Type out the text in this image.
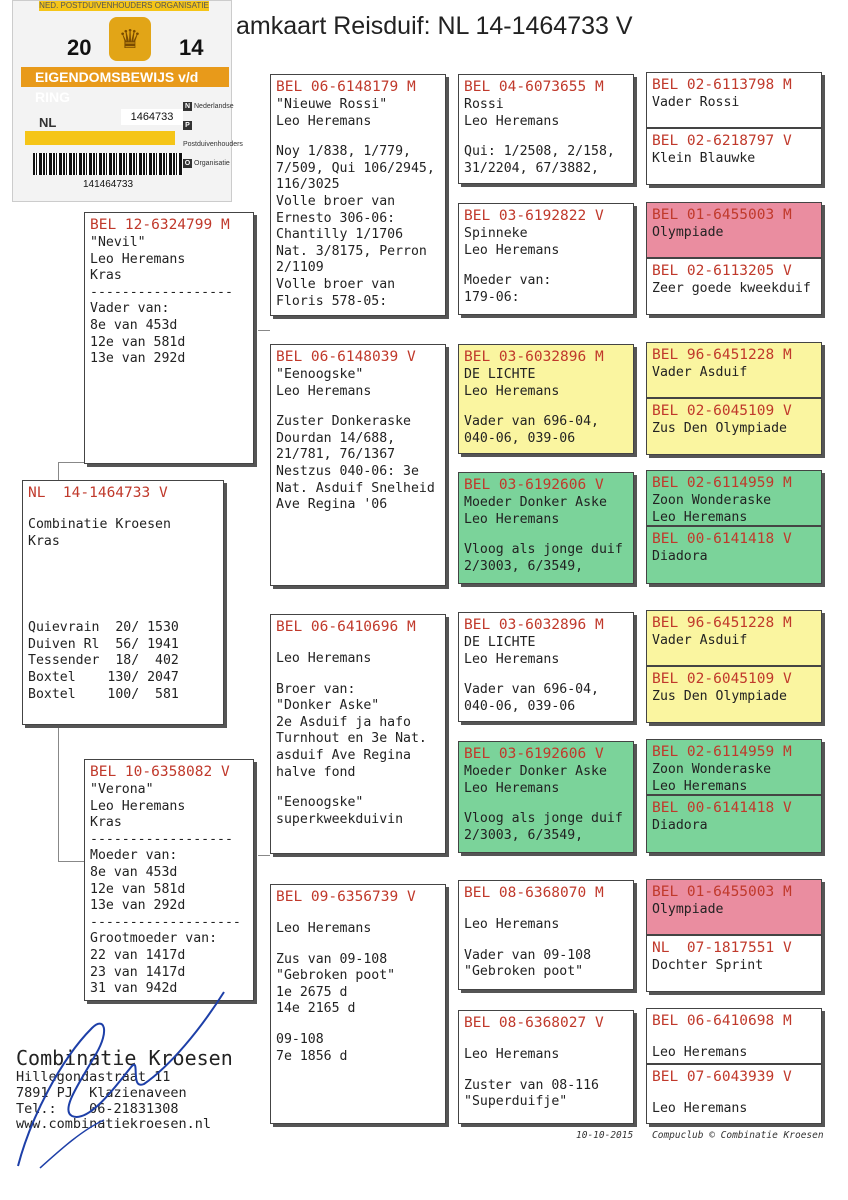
NED. POSTDUIVENHOUDERS ORGANISATIE
20	♛	14
EIGENDOMSBEWIJS v/d RING
N Nederlandse
PPostduivenhouders
O Organisatie
NL	1464733
141464733
amkaart Reisduif: NL 14-1464733 V
BEL 12-6324799 M
"Nevil"
Leo Heremans
Kras
------------------
Vader van:
8e van 453d
12e van 581d
13e van 292d
NL  14-1464733 V
Combinatie Kroesen
Kras
Quievrain  20/ 1530
Duiven Rl  56/ 1941
Tessender  18/  402
Boxtel    130/ 2047
Boxtel    100/  581
BEL 10-6358082 V
"Verona"
Leo Heremans
Kras
------------------
Moeder van:
8e van 453d
12e van 581d
13e van 292d
-------------------
Grootmoeder van:
22 van 1417d
23 van 1417d
31 van 942d
BEL 06-6148179 M
"Nieuwe Rossi"
Leo Heremans
Noy 1/838, 1/779,
7/509, Qui 106/2945,
116/3025
Volle broer van
Ernesto 306-06:
Chantilly 1/1706
Nat. 3/8175, Perron
2/1109
Volle broer van
Floris 578-05:
BEL 06-6148039 V
"Eenoogske"
Leo Heremans
Zuster Donkeraske
Dourdan 14/688,
21/781, 76/1367
Nestzus 040-06: 3e
Nat. Asduif Snelheid
Ave Regina '06
BEL 06-6410696 M
Leo Heremans
Broer van:
"Donker Aske"
2e Asduif ja hafo
Turnhout en 3e Nat.
asduif Ave Regina
halve fond
"Eenoogske"
superkweekduivin
BEL 09-6356739 V
Leo Heremans
Zus van 09-108
"Gebroken poot"
1e 2675 d
14e 2165 d
09-108
7e 1856 d
BEL 04-6073655 M
Rossi
Leo Heremans
Qui: 1/2508, 2/158,
31/2204, 67/3882,
BEL 03-6192822 V
Spinneke
Leo Heremans
Moeder van:
179-06:
BEL 03-6032896 M
DE LICHTE
Leo Heremans
Vader van 696-04,
040-06, 039-06
BEL 03-6192606 V
Moeder Donker Aske
Leo Heremans
Vloog als jonge duif
2/3003, 6/3549,
BEL 03-6032896 M
DE LICHTE
Leo Heremans
Vader van 696-04,
040-06, 039-06
BEL 03-6192606 V
Moeder Donker Aske
Leo Heremans
Vloog als jonge duif
2/3003, 6/3549,
BEL 08-6368070 M
Leo Heremans
Vader van 09-108
"Gebroken poot"
BEL 08-6368027 V
Leo Heremans
Zuster van 08-116
"Superduifje"
BEL 02-6113798 M
Vader Rossi
BEL 02-6218797 V
Klein Blauwke
BEL 01-6455003 M
Olympiade
BEL 02-6113205 V
Zeer goede kweekduif
BEL 96-6451228 M
Vader Asduif
BEL 02-6045109 V
Zus Den Olympiade
BEL 02-6114959 M
Zoon Wonderaske
Leo Heremans
BEL 00-6141418 V
Diadora
BEL 96-6451228 M
Vader Asduif
BEL 02-6045109 V
Zus Den Olympiade
BEL 02-6114959 M
Zoon Wonderaske
Leo Heremans
BEL 00-6141418 V
Diadora
BEL 01-6455003 M
Olympiade
NL  07-1817551 V
Dochter Sprint
BEL 06-6410698 M
Leo Heremans
BEL 07-6043939 V
Leo Heremans
Combinatie Kroesen
Hillegondastraat 11
7891 PJ  Klazienaveen
Tel.:    06-21831308
www.combinatiekroesen.nl
10-10-2015 Compuclub © Combinatie Kroesen
